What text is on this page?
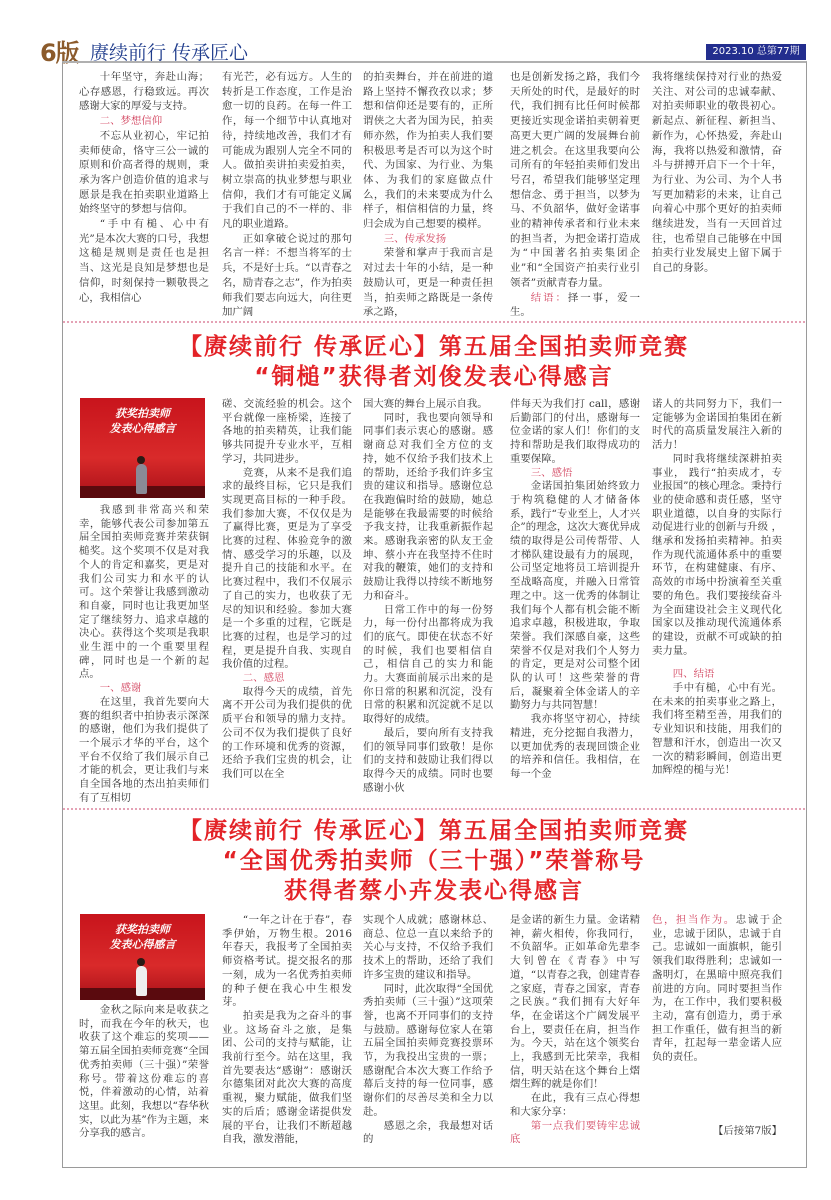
6版 赓续前行 传承匠心	2023.10 总第77期
【赓续前行 传承匠心】第五届全国拍卖师竞赛
“铜槌”获得者刘俊发表心得感言
【赓续前行 传承匠心】第五届全国拍卖师竞赛
“全国优秀拍卖师（三十强）”荣誉称号
获得者蔡小卉发表心得感言
获奖拍卖师
发表心得感言
获奖拍卖师
发表心得感言

十年坚守，奔赴山海；心存感恩，行稳致远。再次感谢大家的厚爱与支持。

二、梦想信仰

不忘从业初心，牢记拍卖师使命，恪守三公一诚的原则和价高者得的规则，秉承为客户创造价值的追求与愿景是我在拍卖职业道路上始终坚守的梦想与信仰。

“手中有槌、心中有光”是本次大赛的口号，我想这槌是规则是责任也是担当、这光是良知是梦想也是信仰，时刻保持一颗敬畏之心，我相信心

有光芒，必有远方。人生的转折是工作态度，工作是治愈一切的良药。在每一件工作，每一个细节中认真地对待，持续地改善，我们才有可能成为跟别人完全不同的人。做拍卖讲拍卖爱拍卖，树立崇高的执业梦想与职业信仰，我们才有可能定义属于我们自己的不一样的、非凡的职业道路。

正如拿破仑说过的那句名言一样：不想当将军的士兵，不是好士兵。“以青春之名，励青春之志”，作为拍卖师我们要志向远大，向往更加广阔

的拍卖舞台，并在前进的道路上坚持不懈孜孜以求；梦想和信仰还是要有的，正所谓侠之大者为国为民，拍卖师亦然，作为拍卖人我们要积极思考是否可以为这个时代、为国家、为行业、为集体、为我们的家庭做点什么，我们的未来要成为什么样子，相信相信的力量，终归会成为自己想要的模样。

三、传承发扬

荣誉和掌声于我而言是对过去十年的小结，是一种鼓励认可，更是一种责任担当，拍卖师之路既是一条传承之路，

也是创新发扬之路，我们今天所处的时代，是最好的时代，我们拥有比任何时候都更接近实现金诺拍卖朝着更高更大更广阔的发展舞台前进之机会。在这里我要向公司所有的年轻拍卖师们发出号召，希望我们能够坚定理想信念、勇于担当，以梦为马、不负韶华，做好金诺事业的精神传承者和行业未来的担当者，为把金诺打造成为“中国著名拍卖集团企业”和“全国资产拍卖行业引领者”贡献青春力量。

结语：择一事，爱一生。

我将继续保持对行业的热爱关注、对公司的忠诚奉献、对拍卖师职业的敬畏初心。新起点、新征程、新担当、新作为，心怀热爱，奔赴山海，我将以热爱和激情，奋斗与拼搏开启下一个十年，为行业、为公司、为个人书写更加精彩的未来，让自己向着心中那个更好的拍卖师继续进发，当有一天回首过往，也希望自己能够在中国拍卖行业发展史上留下属于自己的身影。

我感到非常高兴和荣幸，能够代表公司参加第五届全国拍卖师竞赛并荣获铜槌奖。这个奖项不仅是对我个人的肯定和嘉奖，更是对我们公司实力和水平的认可。这个荣誉让我感到激动和自豪，同时也让我更加坚定了继续努力、追求卓越的决心。获得这个奖项是我职业生涯中的一个重要里程碑，同时也是一个新的起点。

一、感谢

在这里，我首先要向大赛的组织者中拍协表示深深的感谢，他们为我们提供了一个展示才华的平台，这个平台不仅给了我们展示自己才能的机会，更让我们与来自全国各地的杰出拍卖师们有了互相切

磋、交流经验的机会。这个平台就像一座桥梁，连接了各地的拍卖精英，让我们能够共同提升专业水平，互相学习，共同进步。

竞赛，从来不是我们追求的最终目标，它只是我们实现更高目标的一种手段。我们参加大赛，不仅仅是为了赢得比赛，更是为了享受比赛的过程、体验竞争的激情、感受学习的乐趣，以及提升自己的技能和水平。在比赛过程中，我们不仅展示了自己的实力，也收获了无尽的知识和经验。参加大赛是一个多重的过程，它既是比赛的过程，也是学习的过程，更是提升自我、实现自我价值的过程。

二、感恩

取得今天的成绩，首先离不开公司为我们提供的优质平台和领导的鼎力支持。公司不仅为我们提供了良好的工作环境和优秀的资源，还给予我们宝贵的机会，让我们可以在全

国大赛的舞台上展示自我。

同时，我也要向领导和同事们表示衷心的感谢。感谢商总对我们全方位的支持，她不仅给予我们技术上的帮助，还给予我们许多宝贵的建议和指导。感谢位总在我跑偏时给的鼓励，她总是能够在我最需要的时候给予我支持，让我重新振作起来。感谢我亲密的队友王金坤、蔡小卉在我坚持不住时对我的鞭策，她们的支持和鼓励让我得以持续不断地努力和奋斗。

日常工作中的每一份努力，每一份付出都将成为我们的底气。即使在状态不好的时候，我们也要相信自己，相信自己的实力和能力。大赛面前展示出来的是你日常的积累和沉淀，没有日常的积累和沉淀就不足以取得好的成绩。

最后，要向所有支持我们的领导同事们致敬！是你们的支持和鼓励让我们得以取得今天的成绩。同时也要感谢小伙

伴每天为我们打 call，感谢后勤部门的付出，感谢每一位金诺的家人们！你们的支持和帮助是我们取得成功的重要保障。

三、感悟

金诺国拍集团始终致力于构筑稳健的人才储备体系，践行“专业至上，人才兴企”的理念，这次大赛优异成绩的取得是公司传帮带、人才梯队建设最有力的展现，公司坚定地将员工培训提升至战略高度，并融入日常管理之中。这一优秀的体制让我们每个人都有机会能不断追求卓越，积极进取，争取荣誉。我们深感自豪，这些荣誉不仅是对我们个人努力的肯定，更是对公司整个团队的认可！这些荣誉的背后，凝聚着全体金诺人的辛勤努力与共同智慧！

我亦将坚守初心，持续精进，充分挖掘自我潜力，以更加优秀的表现回馈企业的培养和信任。我相信，在每一个金

诺人的共同努力下，我们一定能够为金诺国拍集团在新时代的高质量发展注入新的活力！

同时我将继续深耕拍卖事业， 践行“拍卖成才，专业报国”的核心理念。秉持行业的使命感和责任感，坚守职业道德，以自身的实际行动促进行业的创新与升级 ，继承和发扬拍卖精神。拍卖作为现代流通体系中的重要环节，在构建健康、有序、高效的市场中扮演着至关重要的角色。我们要接续奋斗为全面建设社会主义现代化国家以及推动现代流通体系的建设，贡献不可或缺的拍卖力量。

四、结语

手中有槌，心中有光。在未来的拍卖事业之路上，我们将至精至善，用我们的专业知识和技能，用我们的智慧和汗水，创造出一次又一次的精彩瞬间，创造出更加辉煌的槌与光！

金秋之际向来是收获之时，而我在今年的秋天，也收获了这个难忘的奖项——第五届全国拍卖师竞赛“全国优秀拍卖师（三十强）”荣誉称号。带着这份难忘的喜悦，伴着激动的心情，站着这里。此刻，我想以“春华秋实，以此为基”作为主题，来分享我的感言。

“一年之计在于春”，春季伊始，万物生根。2016 年春天，我报考了全国拍卖师资格考试。提交报名的那一刻，成为一名优秀拍卖师的种子便在我心中生根发芽。

拍卖是我为之奋斗的事业。这场奋斗之旅，是集团、公司的支持与赋能，让我前行至今。站在这里，我首先要表达“感谢”：感谢沃尔德集团对此次大赛的高度重视，聚力赋能，做我们坚实的后盾；感谢金诺提供发展的平台，让我们不断超越自我，激发潜能，

实现个人成就；感谢林总、商总、位总一直以来给予的关心与支持，不仅给予我们技术上的帮助，还给了我们许多宝贵的建议和指导。

同时，此次取得“全国优秀拍卖师（三十强）”这项荣誉，也离不开同事们的支持与鼓励。感谢每位家人在第五届全国拍卖师竞赛投票环节，为我投出宝贵的一票；感谢配合本次大赛工作给予幕后支持的每一位同事，感谢你们的尽善尽美和全力以赴。

感恩之余，我最想对话的

是金诺的新生力量。金诺精神，薪火相传，你我同行，不负韶华。正如革命先辈李大钊曾在《青春》中写道，“以青春之我，创建青春之家庭，青春之国家，青春之民族。”我们拥有大好年华，在金诺这个广阔发展平台上，要责任在肩，担当作为。今天，站在这个领奖台上，我感到无比荣幸，我相信，明天站在这个舞台上熠熠生辉的就是你们！

在此，我有三点心得想和大家分享：

第一点我们要铸牢忠诚底

色，担当作为。忠诚于企业，忠诚于团队，忠诚于自己。忠诚如一面旗帜，能引领我们取得胜利；忠诚如一盏明灯，在黑暗中照亮我们前进的方向。同时要担当作为，在工作中，我们要积极主动，富有创造力，勇于承担工作重任，做有担当的新青年，扛起每一辈金诺人应负的责任。

【后接第7版】
